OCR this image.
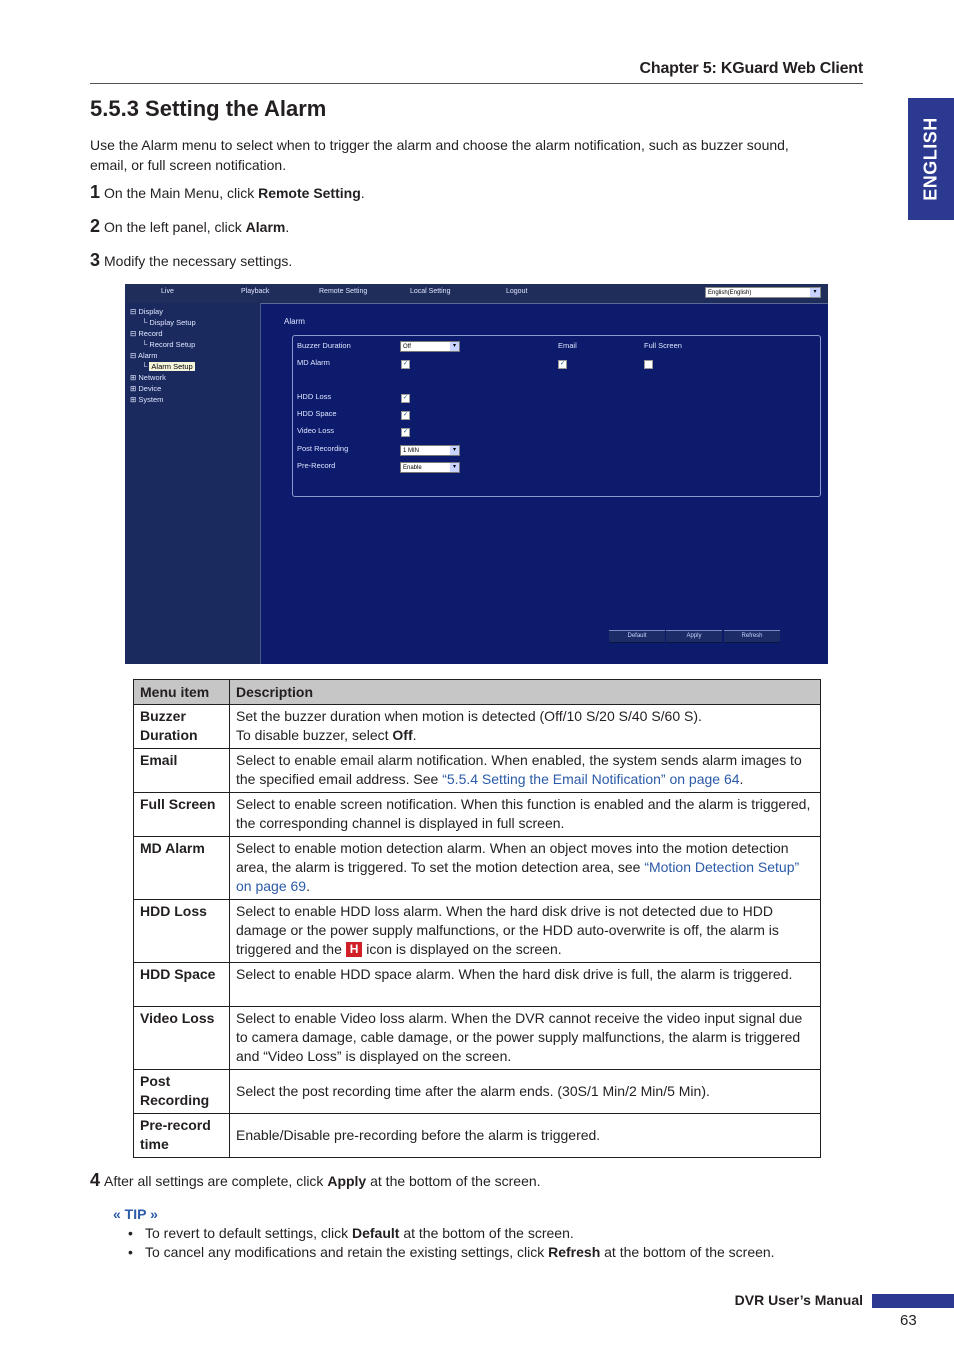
Chapter 5: KGuard Web Client
ENGLISH
5.5.3 Setting the Alarm
Use the Alarm menu to select when to trigger the alarm and choose the alarm notification, such as buzzer sound, email, or full screen notification.
1 On the Main Menu, click Remote Setting.
2 On the left panel, click Alarm.
3 Modify the necessary settings.
Live	Playback	Remote Setting	Local Setting	Logout	English(English)	▾
⊟ Display
└ Display Setup
⊟ Record
└ Record Setup
⊟ Alarm
└ Alarm Setup
⊞ Network
⊞ Device
⊞ System
Alarm
Buzzer Duration	Off	▾	Email	Full Screen
MD Alarm	✓	✓
HDD Loss	✓
HDD Space	✓
Video Loss	✓
Post Recording	1 MIN	▾
Pre-Record	Enable	▾
Default	Apply	Refresh
Menu item	Description
Buzzer Duration	Set the buzzer duration when motion is detected (Off/10 S/20 S/40 S/60 S).
To disable buzzer, select Off.
Email	Select to enable email alarm notification. When enabled, the system sends alarm images to the specified email address. See “5.5.4 Setting the Email Notification” on page 64.
Full Screen	Select to enable screen notification. When this function is enabled and the alarm is triggered, the corresponding channel is displayed in full screen.
MD Alarm	Select to enable motion detection alarm. When an object moves into the motion detection area, the alarm is triggered. To set the motion detection area, see “Motion Detection Setup” on page 69.
HDD Loss	Select to enable HDD loss alarm. When the hard disk drive is not detected due to HDD damage or the power supply malfunctions, or the HDD auto-overwrite is off, the alarm is triggered and the H icon is displayed on the screen.
HDD Space	Select to enable HDD space alarm. When the hard disk drive is full, the alarm is triggered.
Video Loss	Select to enable Video loss alarm. When the DVR cannot receive the video input signal due to camera damage, cable damage, or the power supply malfunctions, the alarm is triggered and “Video Loss” is displayed on the screen.
Post Recording	Select the post recording time after the alarm ends. (30S/1 Min/2 Min/5 Min).
Pre-record time	Enable/Disable pre-recording before the alarm is triggered.
4 After all settings are complete, click Apply at the bottom of the screen.
« TIP »
• To revert to default settings, click Default at the bottom of the screen.
• To cancel any modifications and retain the existing settings, click Refresh at the bottom of the screen.
DVR User’s Manual
63
